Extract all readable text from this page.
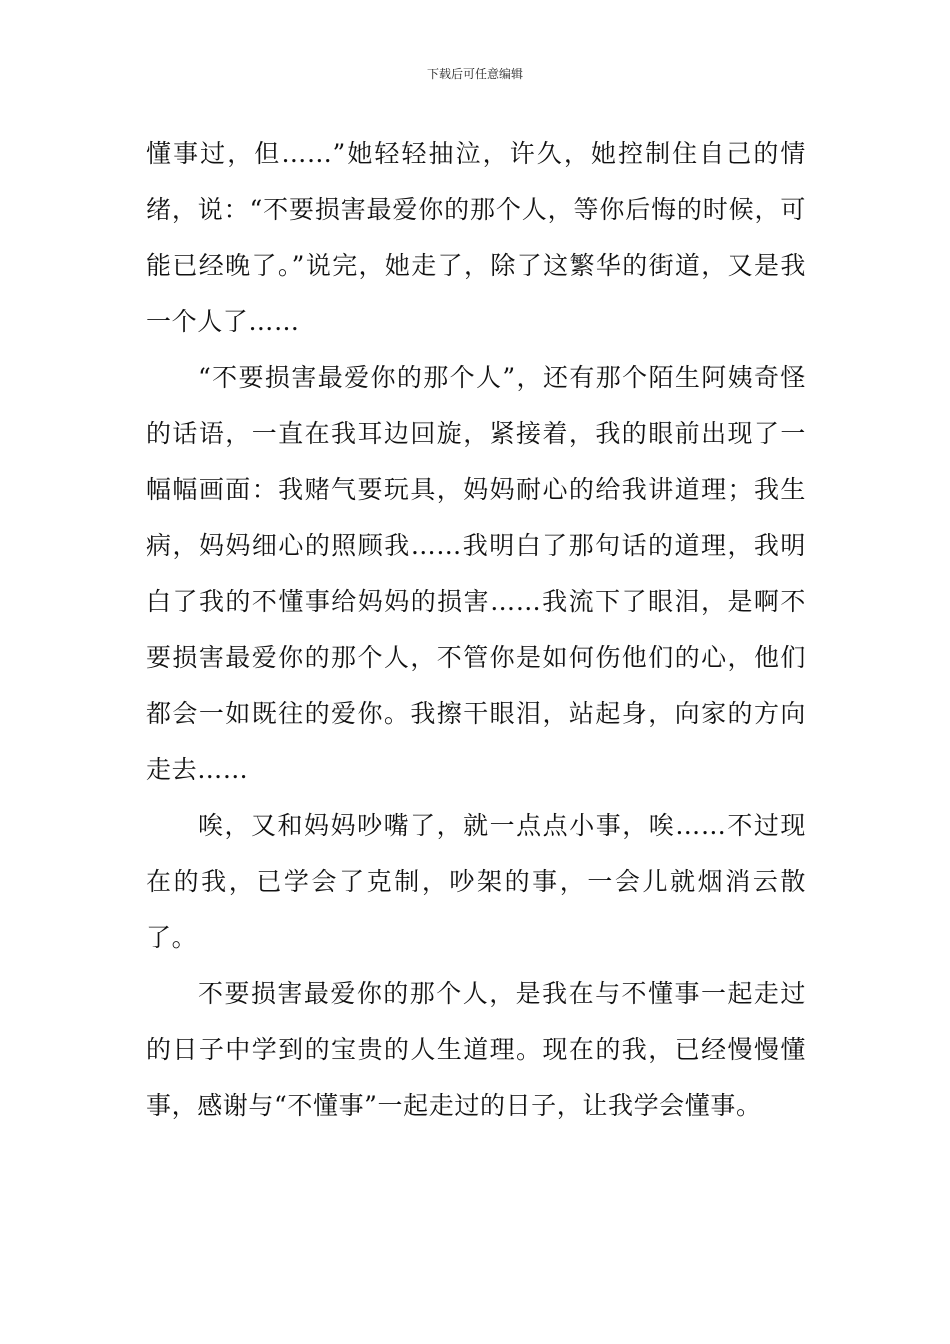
下载后可任意编辑

懂事过，但……”她轻轻抽泣，许久，她控制住自己的情绪，说：“不要损害最爱你的那个人，等你后悔的时候，可能已经晚了。”说完，她走了，除了这繁华的街道，又是我一个人了……

“不要损害最爱你的那个人”，还有那个陌生阿姨奇怪的话语，一直在我耳边回旋，紧接着，我的眼前出现了一幅幅画面：我赌气要玩具，妈妈耐心的给我讲道理；我生病，妈妈细心的照顾我……我明白了那句话的道理，我明白了我的不懂事给妈妈的损害……我流下了眼泪，是啊不要损害最爱你的那个人，不管你是如何伤他们的心，他们都会一如既往的爱你。我擦干眼泪，站起身，向家的方向走去……

唉，又和妈妈吵嘴了，就一点点小事，唉……不过现在的我，已学会了克制，吵架的事，一会儿就烟消云散了。

不要损害最爱你的那个人，是我在与不懂事一起走过的日子中学到的宝贵的人生道理。现在的我，已经慢慢懂事，感谢与“不懂事”一起走过的日子，让我学会懂事。
